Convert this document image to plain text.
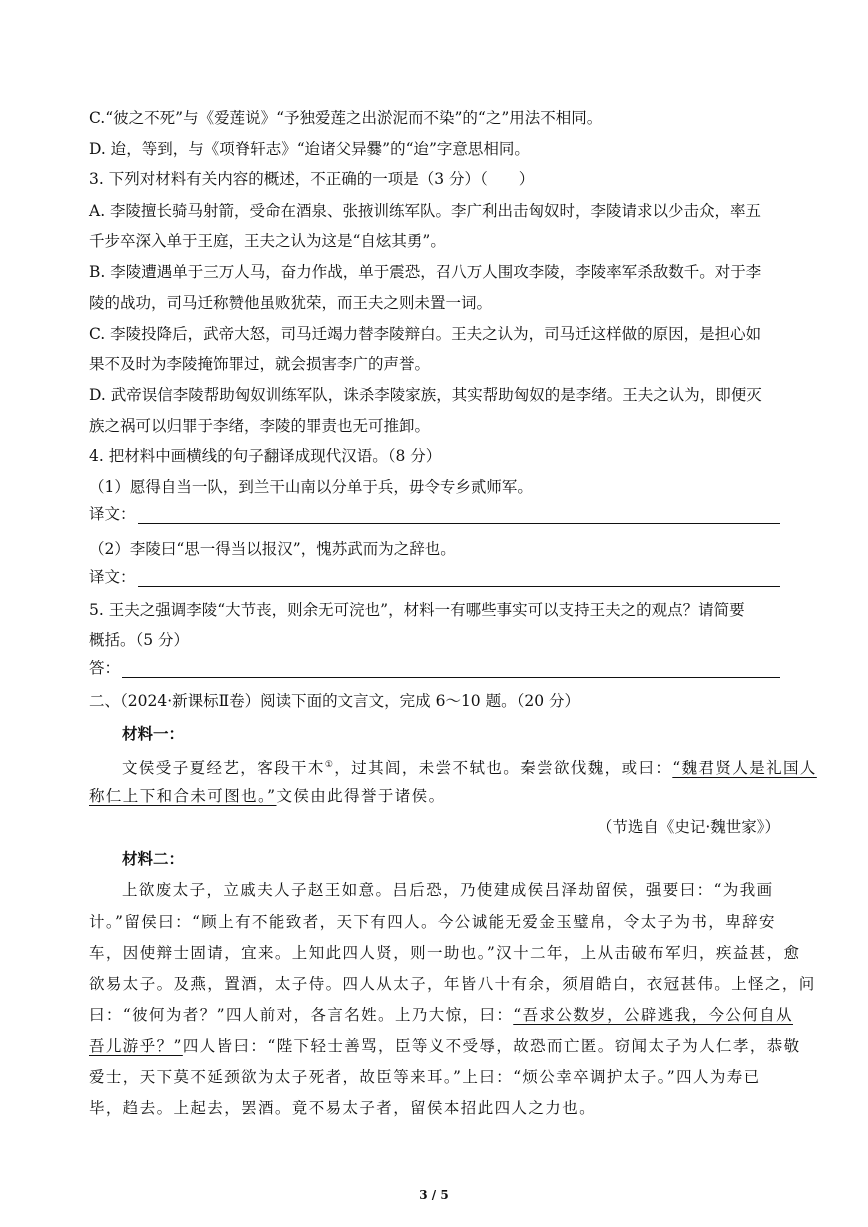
C.“彼之不死”与《爱莲说》“予独爱莲之出淤泥而不染”的“之”用法不相同。
D. 迨，等到，与《项脊轩志》“迨诸父异爨”的“迨”字意思相同。
3. 下列对材料有关内容的概述，不正确的一项是（3 分）（　　）
A. 李陵擅长骑马射箭，受命在酒泉、张掖训练军队。李广利出击匈奴时，李陵请求以少击众，率五
千步卒深入单于王庭，王夫之认为这是“自炫其勇”。
B. 李陵遭遇单于三万人马，奋力作战，单于震恐，召八万人围攻李陵，李陵率军杀敌数千。对于李
陵的战功，司马迁称赞他虽败犹荣，而王夫之则未置一词。
C. 李陵投降后，武帝大怒，司马迁竭力替李陵辩白。王夫之认为，司马迁这样做的原因，是担心如
果不及时为李陵掩饰罪过，就会损害李广的声誉。
D. 武帝误信李陵帮助匈奴训练军队，诛杀李陵家族，其实帮助匈奴的是李绪。王夫之认为，即便灭
族之祸可以归罪于李绪，李陵的罪责也无可推卸。
4. 把材料中画横线的句子翻译成现代汉语。（8 分）
（1）愿得自当一队，到兰干山南以分单于兵，毋令专乡贰师军。
译文：
（2）李陵曰“思一得当以报汉”，愧苏武而为之辞也。
译文：
5. 王夫之强调李陵“大节丧，则余无可浣也”，材料一有哪些事实可以支持王夫之的观点？请简要
概括。（5 分）
答：
二、（2024·新课标Ⅱ卷）阅读下面的文言文，完成 6～10 题。（20 分）
材料一：
文侯受子夏经艺，客段干木①，过其闾，未尝不轼也。秦尝欲伐魏，或曰：“魏君贤人是礼国人
称仁上下和合未可图也。”文侯由此得誉于诸侯。
（节选自《史记·魏世家》）
材料二：
上欲废太子，立戚夫人子赵王如意。吕后恐，乃使建成侯吕泽劫留侯，强要曰：“为我画
计。”留侯曰：“顾上有不能致者，天下有四人。今公诚能无爱金玉璧帛，令太子为书，卑辞安
车，因使辩士固请，宜来。上知此四人贤，则一助也。”汉十二年，上从击破布军归，疾益甚，愈
欲易太子。及燕，置酒，太子侍。四人从太子，年皆八十有余，须眉皓白，衣冠甚伟。上怪之，问
曰：“彼何为者？”四人前对，各言名姓。上乃大惊，曰：“吾求公数岁，公辟逃我，今公何自从
吾儿游乎？”四人皆曰：“陛下轻士善骂，臣等义不受辱，故恐而亡匿。窃闻太子为人仁孝，恭敬
爱士，天下莫不延颈欲为太子死者，故臣等来耳。”上曰：“烦公幸卒调护太子。”四人为寿已
毕，趋去。上起去，罢酒。竟不易太子者，留侯本招此四人之力也。
3 / 5
